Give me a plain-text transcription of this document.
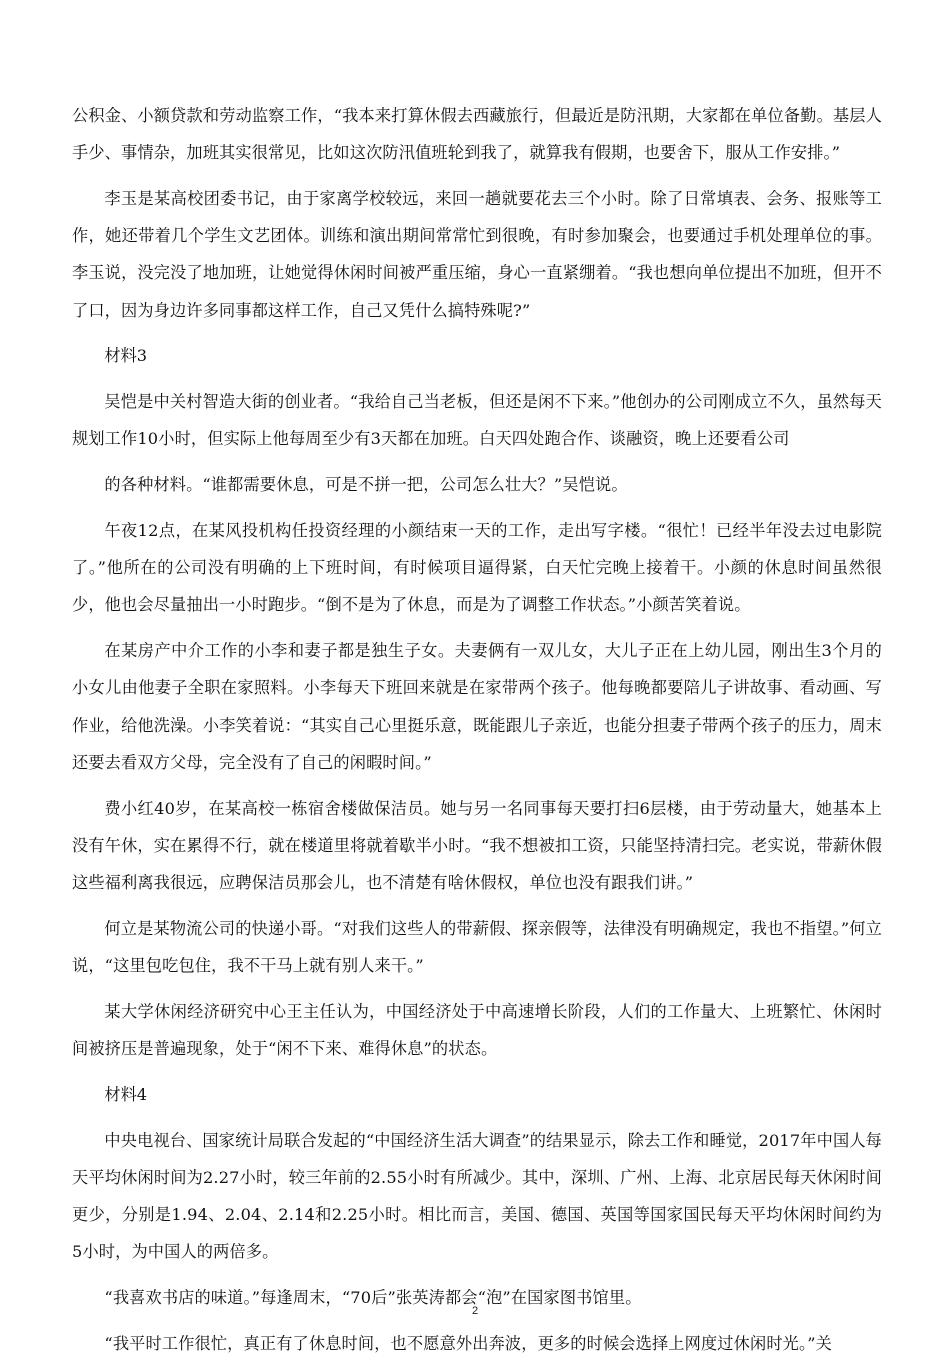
公积金、小额贷款和劳动监察工作，“我本来打算休假去西藏旅行，但最近是防汛期，大家都在单位备勤。基层人手少、事情杂，加班其实很常见，比如这次防汛值班轮到我了，就算我有假期，也要舍下，服从工作安排。”

李玉是某高校团委书记，由于家离学校较远，来回一趟就要花去三个小时。除了日常填表、会务、报账等工作，她还带着几个学生文艺团体。训练和演出期间常常忙到很晚，有时参加聚会，也要通过手机处理单位的事。李玉说，没完没了地加班，让她觉得休闲时间被严重压缩，身心一直紧绷着。“我也想向单位提出不加班，但开不了口，因为身边许多同事都这样工作，自己又凭什么搞特殊呢?”

材料3

吴恺是中关村智造大街的创业者。“我给自己当老板，但还是闲不下来。”他创办的公司刚成立不久，虽然每天规划工作10小时，但实际上他每周至少有3天都在加班。白天四处跑合作、谈融资，晚上还要看公司

的各种材料。“谁都需要休息，可是不拼一把，公司怎么壮大？”吴恺说。

午夜12点，在某风投机构任投资经理的小颜结束一天的工作，走出写字楼。“很忙！已经半年没去过电影院了。”他所在的公司没有明确的上下班时间，有时候项目逼得紧，白天忙完晚上接着干。小颜的休息时间虽然很少，他也会尽量抽出一小时跑步。“倒不是为了休息，而是为了调整工作状态。”小颜苦笑着说。

在某房产中介工作的小李和妻子都是独生子女。夫妻俩有一双儿女，大儿子正在上幼儿园，刚出生3个月的小女儿由他妻子全职在家照料。小李每天下班回来就是在家带两个孩子。他每晚都要陪儿子讲故事、看动画、写作业，给他洗澡。小李笑着说：“其实自己心里挺乐意，既能跟儿子亲近，也能分担妻子带两个孩子的压力，周末还要去看双方父母，完全没有了自己的闲暇时间。”

费小红40岁，在某高校一栋宿舍楼做保洁员。她与另一名同事每天要打扫6层楼，由于劳动量大，她基本上没有午休，实在累得不行，就在楼道里将就着歇半小时。“我不想被扣工资，只能坚持清扫完。老实说，带薪休假这些福利离我很远，应聘保洁员那会儿，也不清楚有啥休假权，单位也没有跟我们讲。”

何立是某物流公司的快递小哥。“对我们这些人的带薪假、探亲假等，法律没有明确规定，我也不指望。”何立说，“这里包吃包住，我不干马上就有别人来干。”

某大学休闲经济研究中心王主任认为，中国经济处于中高速增长阶段，人们的工作量大、上班繁忙、休闲时间被挤压是普遍现象，处于“闲不下来、难得休息”的状态。

材料4

中央电视台、国家统计局联合发起的“中国经济生活大调查”的结果显示，除去工作和睡觉，2017年中国人每天平均休闲时间为2.27小时，较三年前的2.55小时有所减少。其中，深圳、广州、上海、北京居民每天休闲时间更少，分别是1.94、2.04、2.14和2.25小时。相比而言，美国、德国、英国等国家国民每天平均休闲时间约为5小时，为中国人的两倍多。

“我喜欢书店的味道。”每逢周末，“70后”张英涛都会“泡”在国家图书馆里。

“我平时工作很忙，真正有了休息时间，也不愿意外出奔波，更多的时候会选择上网度过休闲时光。”关

2
